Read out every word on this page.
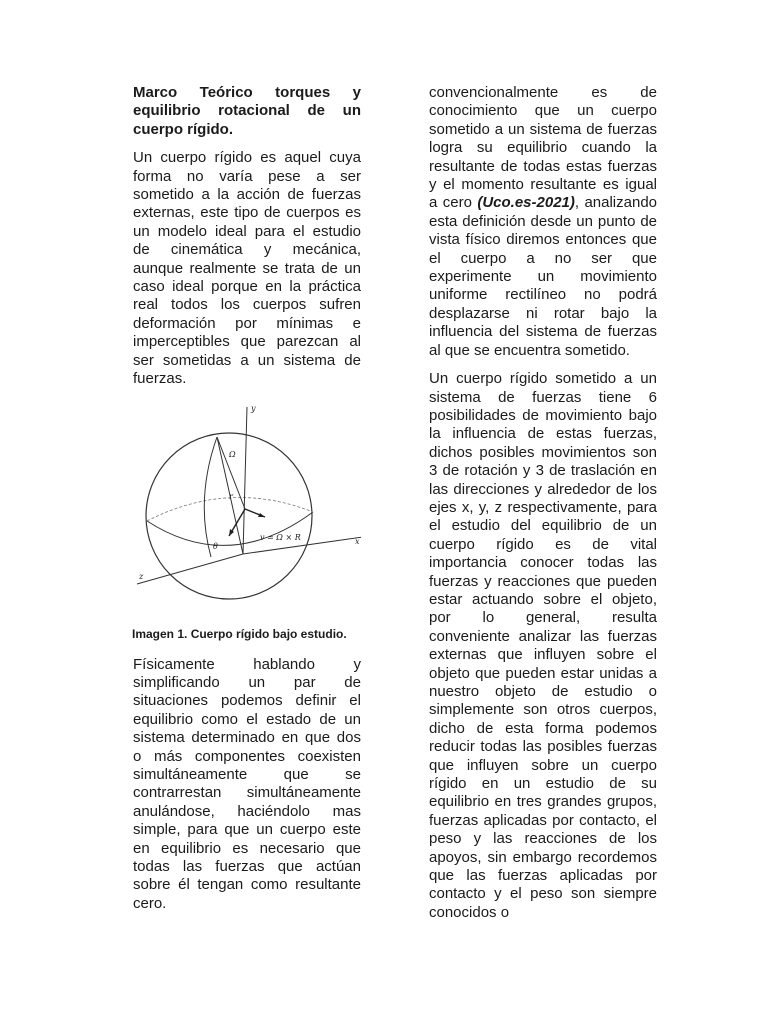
Marco Teórico torques y equilibrio rotacional de un cuerpo rígido.

Un cuerpo rígido es aquel cuya forma no varía pese a ser sometido a la acción de fuerzas externas, este tipo de cuerpos es un modelo ideal para el estudio de cinemática y mecánica, aunque realmente se trata de un caso ideal porque en la práctica real todos los cuerpos sufren deformación por mínimas e imperceptibles que parezcan al ser sometidas a un sistema de fuerzas.

y
x
z
Ω
r
θ
v = Ω × R

Imagen 1. Cuerpo rígido bajo estudio.

Físicamente hablando y simplificando un par de situaciones podemos definir el equilibrio como el estado de un sistema determinado en que dos o más componentes coexisten simultáneamente que se contrarrestan simultáneamente anulándose, haciéndolo mas simple, para que un cuerpo este en equilibrio es necesario que todas las fuerzas que actúan sobre él tengan como resultante cero.

convencionalmente es de conocimiento que un cuerpo sometido a un sistema de fuerzas logra su equilibrio cuando la resultante de todas estas fuerzas y el momento resultante es igual a cero (Uco.es-2021), analizando esta definición desde un punto de vista físico diremos entonces que el cuerpo a no ser que experimente un movimiento uniforme rectilíneo no podrá desplazarse ni rotar bajo la influencia del sistema de fuerzas al que se encuentra sometido.

Un cuerpo rígido sometido a un sistema de fuerzas tiene 6 posibilidades de movimiento bajo la influencia de estas fuerzas, dichos posibles movimientos son 3 de rotación y 3 de traslación en las direcciones y alrededor de los ejes x, y, z respectivamente, para el estudio del equilibrio de un cuerpo rígido es de vital importancia conocer todas las fuerzas y reacciones que pueden estar actuando sobre el objeto, por lo general, resulta conveniente analizar las fuerzas externas que influyen sobre el objeto que pueden estar unidas a nuestro objeto de estudio o simplemente son otros cuerpos, dicho de esta forma podemos reducir todas las posibles fuerzas que influyen sobre un cuerpo rígido en un estudio de su equilibrio en tres grandes grupos, fuerzas aplicadas por contacto, el peso y las reacciones de los apoyos, sin embargo recordemos que las fuerzas aplicadas por contacto y el peso son siempre conocidos o
